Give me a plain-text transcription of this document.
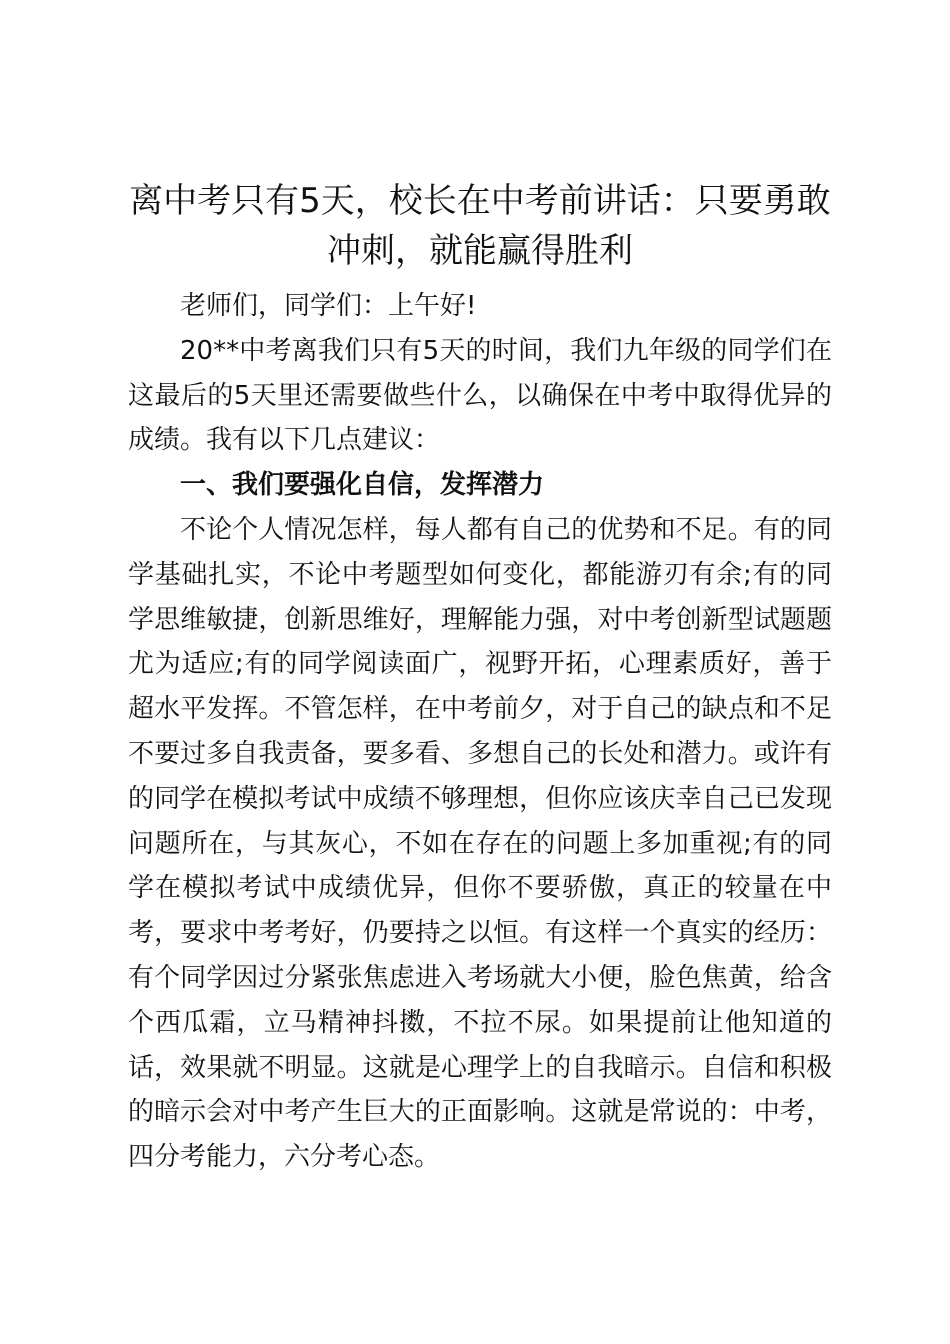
离中考只有5天，校长在中考前讲话：只要勇敢冲刺，就能赢得胜利

老师们，同学们：上午好!

20**中考离我们只有5天的时间，我们九年级的同学们在这最后的5天里还需要做些什么，以确保在中考中取得优异的成绩。我有以下几点建议：

一、我们要强化自信，发挥潜力

不论个人情况怎样，每人都有自己的优势和不足。有的同学基础扎实，不论中考题型如何变化，都能游刃有余;有的同学思维敏捷，创新思维好，理解能力强，对中考创新型试题题尤为适应;有的同学阅读面广，视野开拓，心理素质好，善于超水平发挥。不管怎样，在中考前夕，对于自己的缺点和不足不要过多自我责备，要多看、多想自己的长处和潜力。或许有的同学在模拟考试中成绩不够理想，但你应该庆幸自己已发现问题所在，与其灰心，不如在存在的问题上多加重视;有的同学在模拟考试中成绩优异，但你不要骄傲，真正的较量在中考，要求中考考好，仍要持之以恒。有这样一个真实的经历：有个同学因过分紧张焦虑进入考场就大小便，脸色焦黄，给含个西瓜霜，立马精神抖擞，不拉不尿。如果提前让他知道的话，效果就不明显。这就是心理学上的自我暗示。自信和积极的暗示会对中考产生巨大的正面影响。这就是常说的：中考，四分考能力，六分考心态。
